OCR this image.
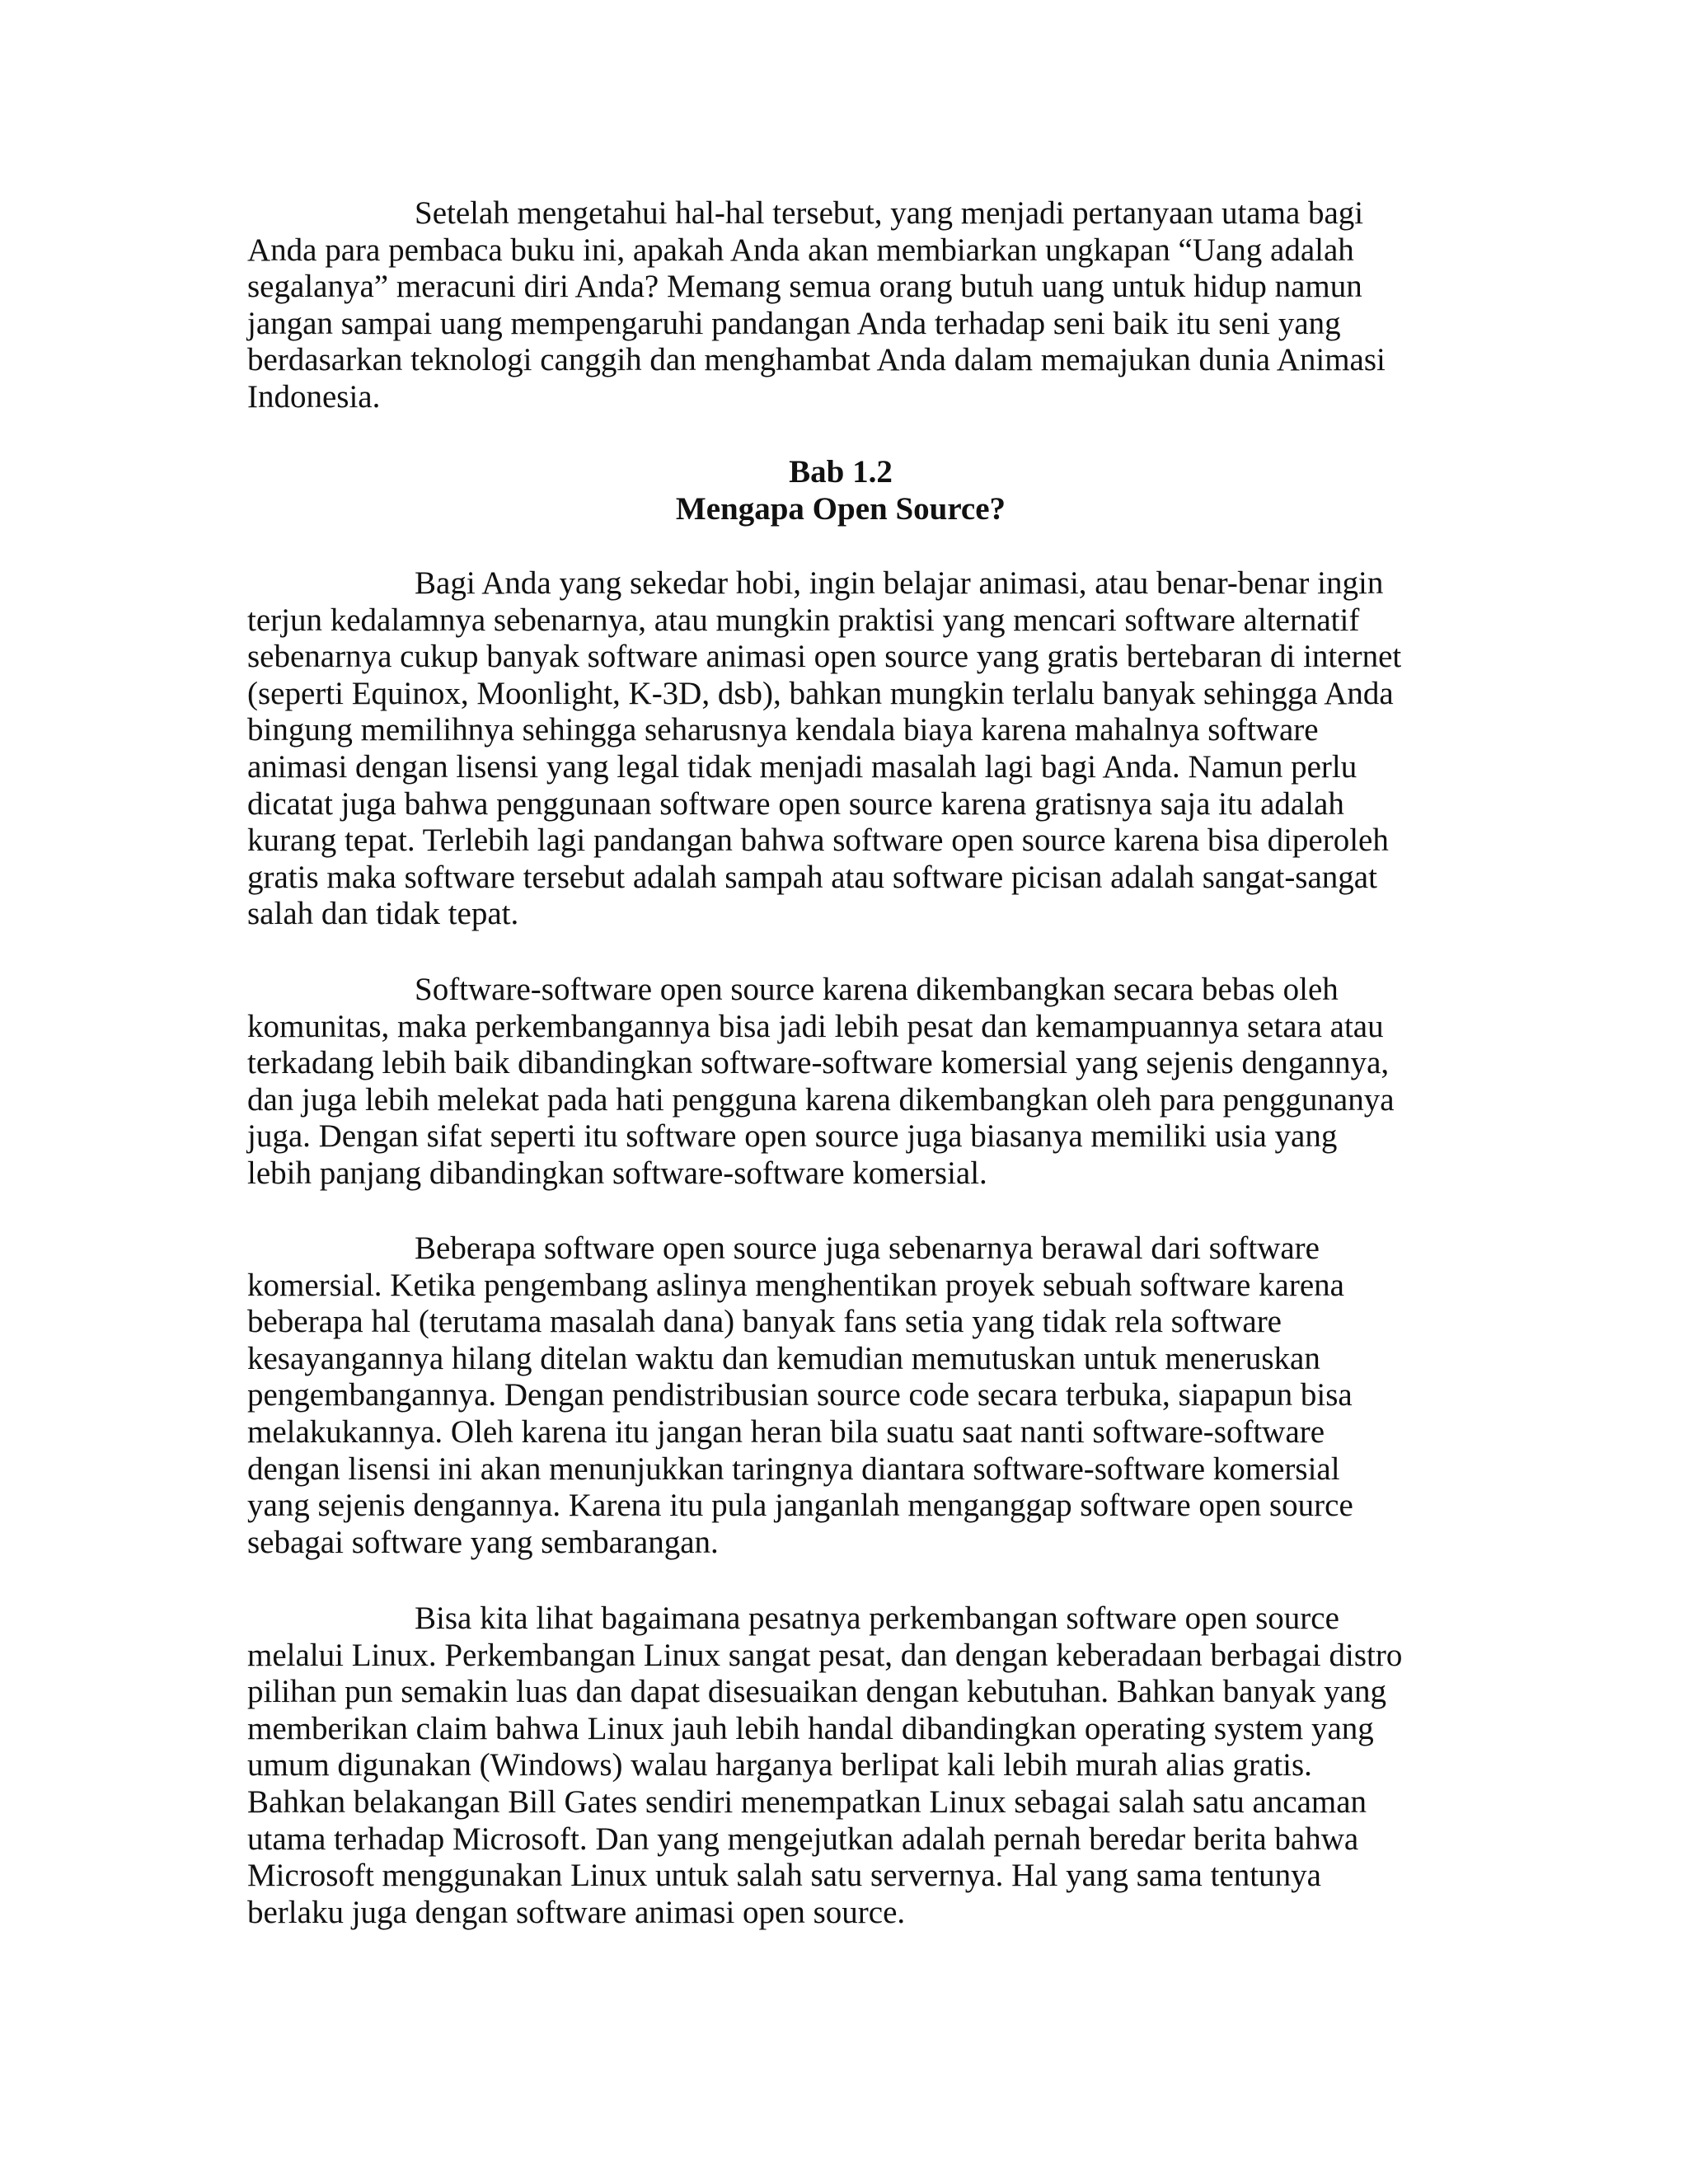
Setelah mengetahui hal-hal tersebut, yang menjadi pertanyaan utama bagi
Anda para pembaca buku ini, apakah Anda akan membiarkan ungkapan “Uang adalah
segalanya” meracuni diri Anda? Memang semua orang butuh uang untuk hidup namun
jangan sampai uang mempengaruhi pandangan Anda terhadap seni baik itu seni yang
berdasarkan teknologi canggih dan menghambat Anda dalam memajukan dunia Animasi
Indonesia.
Bab 1.2
Mengapa Open Source?
Bagi Anda yang sekedar hobi, ingin belajar animasi, atau benar-benar ingin
terjun kedalamnya sebenarnya, atau mungkin praktisi yang mencari software alternatif
sebenarnya cukup banyak software animasi open source yang gratis bertebaran di internet
(seperti Equinox, Moonlight, K-3D, dsb), bahkan mungkin terlalu banyak sehingga Anda
bingung memilihnya sehingga seharusnya kendala biaya karena mahalnya software
animasi dengan lisensi yang legal tidak menjadi masalah lagi bagi Anda. Namun perlu
dicatat juga bahwa penggunaan software open source karena gratisnya saja itu adalah
kurang tepat. Terlebih lagi pandangan bahwa software open source karena bisa diperoleh
gratis maka software tersebut adalah sampah atau software picisan adalah sangat-sangat
salah dan tidak tepat.
Software-software open source karena dikembangkan secara bebas oleh
komunitas, maka perkembangannya bisa jadi lebih pesat dan kemampuannya setara atau
terkadang lebih baik dibandingkan software-software komersial yang sejenis dengannya,
dan juga lebih melekat pada hati pengguna karena dikembangkan oleh para penggunanya
juga. Dengan sifat seperti itu software open source juga biasanya memiliki usia yang
lebih panjang dibandingkan software-software komersial.
Beberapa software open source juga sebenarnya berawal dari software
komersial. Ketika pengembang aslinya menghentikan proyek sebuah software karena
beberapa hal (terutama masalah dana) banyak fans setia yang tidak rela software
kesayangannya hilang ditelan waktu dan kemudian memutuskan untuk meneruskan
pengembangannya. Dengan pendistribusian source code secara terbuka, siapapun bisa
melakukannya. Oleh karena itu jangan heran bila suatu saat nanti software-software
dengan lisensi ini akan menunjukkan taringnya diantara software-software komersial
yang sejenis dengannya. Karena itu pula janganlah menganggap software open source
sebagai software yang sembarangan.
Bisa kita lihat bagaimana pesatnya perkembangan software open source
melalui Linux. Perkembangan Linux sangat pesat, dan dengan keberadaan berbagai distro
pilihan pun semakin luas dan dapat disesuaikan dengan kebutuhan. Bahkan banyak yang
memberikan claim bahwa Linux jauh lebih handal dibandingkan operating system yang
umum digunakan (Windows) walau harganya berlipat kali lebih murah alias gratis.
Bahkan belakangan Bill Gates sendiri menempatkan Linux sebagai salah satu ancaman
utama terhadap Microsoft. Dan yang mengejutkan adalah pernah beredar berita bahwa
Microsoft menggunakan Linux untuk salah satu servernya. Hal yang sama tentunya
berlaku juga dengan software animasi open source.
